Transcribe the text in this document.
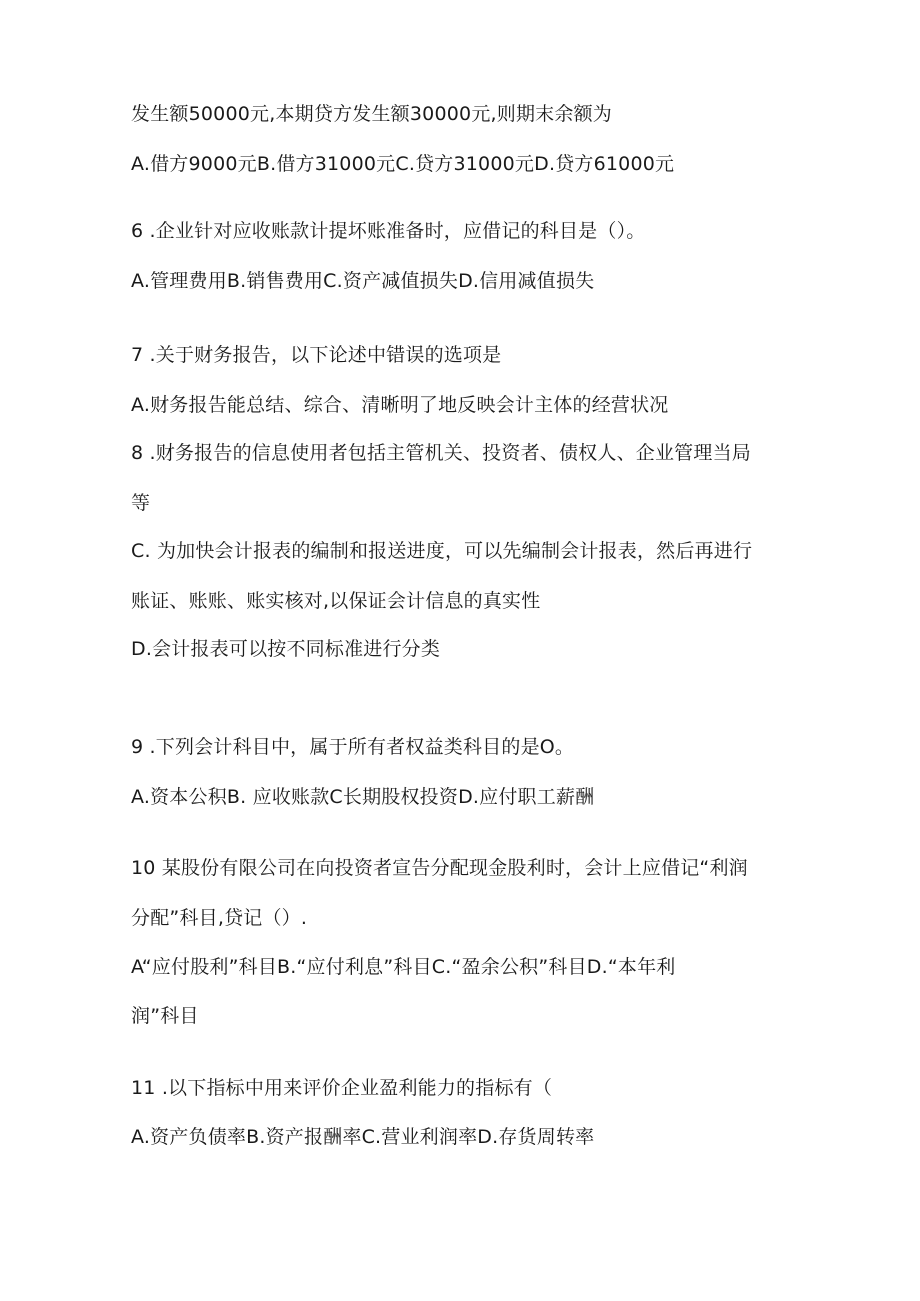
发生额50000元,本期贷方发生额30000元,则期末余额为
A.借方9000元B.借方31000元C.贷方31000元D.贷方61000元
6 .企业针对应收账款计提坏账准备时，应借记的科目是（）。
A.管理费用B.销售费用C.资产减值损失D.信用减值损失
7 .关于财务报告，以下论述中错误的选项是
A.财务报告能总结、综合、清晰明了地反映会计主体的经营状况
8 .财务报告的信息使用者包括主管机关、投资者、债权人、企业管理当局
等
C. 为加快会计报表的编制和报送进度，可以先编制会计报表，然后再进行
账证、账账、账实核对,以保证会计信息的真实性
D.会计报表可以按不同标准进行分类
9 .下列会计科目中，属于所有者权益类科目的是O。
A.资本公积B. 应收账款C长期股权投资D.应付职工薪酬
10 某股份有限公司在向投资者宣告分配现金股利时，会计上应借记“利润
分配”科目,贷记（）.
A“应付股利”科目B.“应付利息”科目C.“盈余公积”科目D.“本年利
润”科目
11 .以下指标中用来评价企业盈利能力的指标有（
A.资产负债率B.资产报酬率C.营业利润率D.存货周转率
